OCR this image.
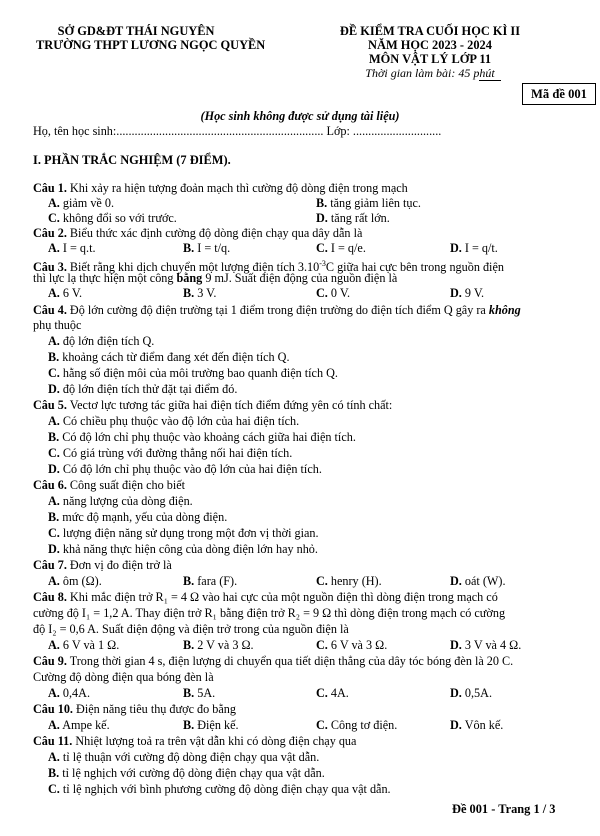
SỞ GD&ĐT THÁI NGUYÊN
TRƯỜNG THPT LƯƠNG NGỌC QUYỀN
ĐỀ KIỂM TRA CUỐI HỌC KÌ II
NĂM HỌC 2023 - 2024
MÔN VẬT LÝ LỚP 11
Thời gian làm bài: 45 phút
Mã đề 001
(Học sinh không được sử dụng tài liệu)
Họ, tên học sinh:.................................................................... Lớp: .............................
I. PHẦN TRẮC NGHIỆM (7 ĐIỂM).
Câu 1. Khi xảy ra hiện tượng đoản mạch thì cường độ dòng điện trong mạch
A. giảm về 0.	B. tăng giảm liên tục.
C. không đổi so với trước.	D. tăng rất lớn.
Câu 2. Biểu thức xác định cường độ dòng điện chạy qua dây dẫn là
A. I = q.t.	B. I = t/q.	C. I = q/e.	D. I = q/t.
Câu 3. Biết rằng khi dịch chuyển một lượng điện tích $3.10^{-3}C$ giữa hai cực bên trong nguồn điện
thì lực lạ thực hiện một công bằng 9 mJ. Suất điện động của nguồn điện là
A. 6 V.	B. 3 V.	C. 0 V.	D. 9 V.
Câu 4. Độ lớn cường độ điện trường tại 1 điểm trong điện trường do điện tích điểm Q gây ra không
phụ thuộc
A. độ lớn điện tích Q.
B. khoảng cách từ điểm đang xét đến điện tích Q.
C. hằng số điện môi của môi trường bao quanh điện tích Q.
D. độ lớn điện tích thử đặt tại điểm đó.
Câu 5. Vectơ lực tương tác giữa hai điện tích điểm đứng yên có tính chất:
A. Có chiều phụ thuộc vào độ lớn của hai điện tích.
B. Có độ lớn chỉ phụ thuộc vào khoảng cách giữa hai điện tích.
C. Có giá trùng với đường thẳng nối hai điện tích.
D. Có độ lớn chỉ phụ thuộc vào độ lớn của hai điện tích.
Câu 6. Công suất điện cho biết
A. năng lượng của dòng điện.
B. mức độ mạnh, yếu của dòng điện.
C. lượng điện năng sử dụng trong một đơn vị thời gian.
D. khả năng thực hiện công của dòng điện lớn hay nhỏ.
Câu 7. Đơn vị đo điện trở là
A. ôm (Ω).	B. fara (F).	C. henry (H).	D. oát (W).
Câu 8. Khi mắc điện trở R₁ = 4 Ω vào hai cực của một nguồn điện thì dòng điện trong mạch có
cường độ I₁ = 1,2 A. Thay điện trở R₁ bằng điện trở R₂ = 9 Ω thì dòng điện trong mạch có cường
độ I₂ = 0,6 A. Suất điện động và điện trở trong của nguồn điện là
A. 6 V và 1 Ω.	B. 2 V và 3 Ω.	C. 6 V và 3 Ω.	D. 3 V và 4 Ω.
Câu 9. Trong thời gian 4 s, điện lượng di chuyển qua tiết diện thẳng của dây tóc bóng đèn là 20 C.
Cường độ dòng điện qua bóng đèn là
A. 0,4A.	B. 5A.	C. 4A.	D. 0,5A.
Câu 10. Điện năng tiêu thụ được đo bằng
A. Ampe kế.	B. Điện kế.	C. Công tơ điện.	D. Vôn kế.
Câu 11. Nhiệt lượng toả ra trên vật dẫn khi có dòng điện chạy qua
A. tỉ lệ thuận với cường độ dòng điện chạy qua vật dẫn.
B. tỉ lệ nghịch với cường độ dòng điện chạy qua vật dẫn.
C. tỉ lệ nghịch với bình phương cường độ dòng điện chạy qua vật dẫn.
Đề 001 - Trang 1 / 3
